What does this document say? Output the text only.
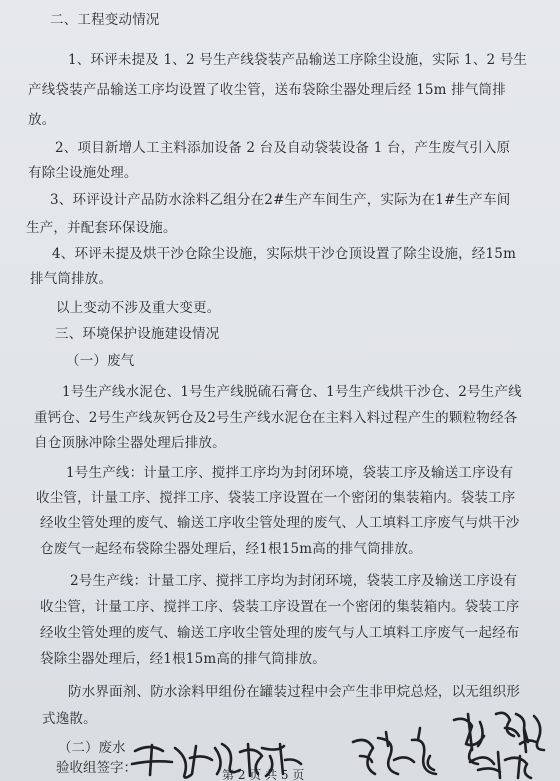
二、工程变动情况
1、环评未提及 1、2 号生产线袋装产品输送工序除尘设施，实际 1、2 号生
产线袋装产品输送工序均设置了收尘管，送布袋除尘器处理后经 15m 排气筒排
放。
2、项目新增人工主料添加设备 2 台及自动袋装设备 1 台，产生废气引入原
有除尘设施处理。
3、环评设计产品防水涂料乙组分在2#生产车间生产，实际为在1#生产车间
生产，并配套环保设施。
4、环评未提及烘干沙仓除尘设施，实际烘干沙仓顶设置了除尘设施，经15m
排气筒排放。
以上变动不涉及重大变更。
三、环境保护设施建设情况
（一）废气
1号生产线水泥仓、1号生产线脱硫石膏仓、1号生产线烘干沙仓、2号生产线
重钙仓、2号生产线灰钙仓及2号生产线水泥仓在主料入料过程产生的颗粒物经各
自仓顶脉冲除尘器处理后排放。
1号生产线：计量工序、搅拌工序均为封闭环境，袋装工序及输送工序设有
收尘管，计量工序、搅拌工序、袋装工序设置在一个密闭的集装箱内。袋装工序
经收尘管处理的废气、输送工序收尘管处理的废气、人工填料工序废气与烘干沙
仓废气一起经布袋除尘器处理后，经1根15m高的排气筒排放。
2号生产线：计量工序、搅拌工序均为封闭环境，袋装工序及输送工序设有
收尘管，计量工序、搅拌工序、袋装工序设置在一个密闭的集装箱内。袋装工序
经收尘管处理的废气、输送工序收尘管处理的废气与人工填料工序废气一起经布
袋除尘器处理后，经1根15m高的排气筒排放。
防水界面剂、防水涂料甲组份在罐装过程中会产生非甲烷总烃，以无组织形
式逸散。
（二）废水
验收组签字：	第 2 页 共 5 页
